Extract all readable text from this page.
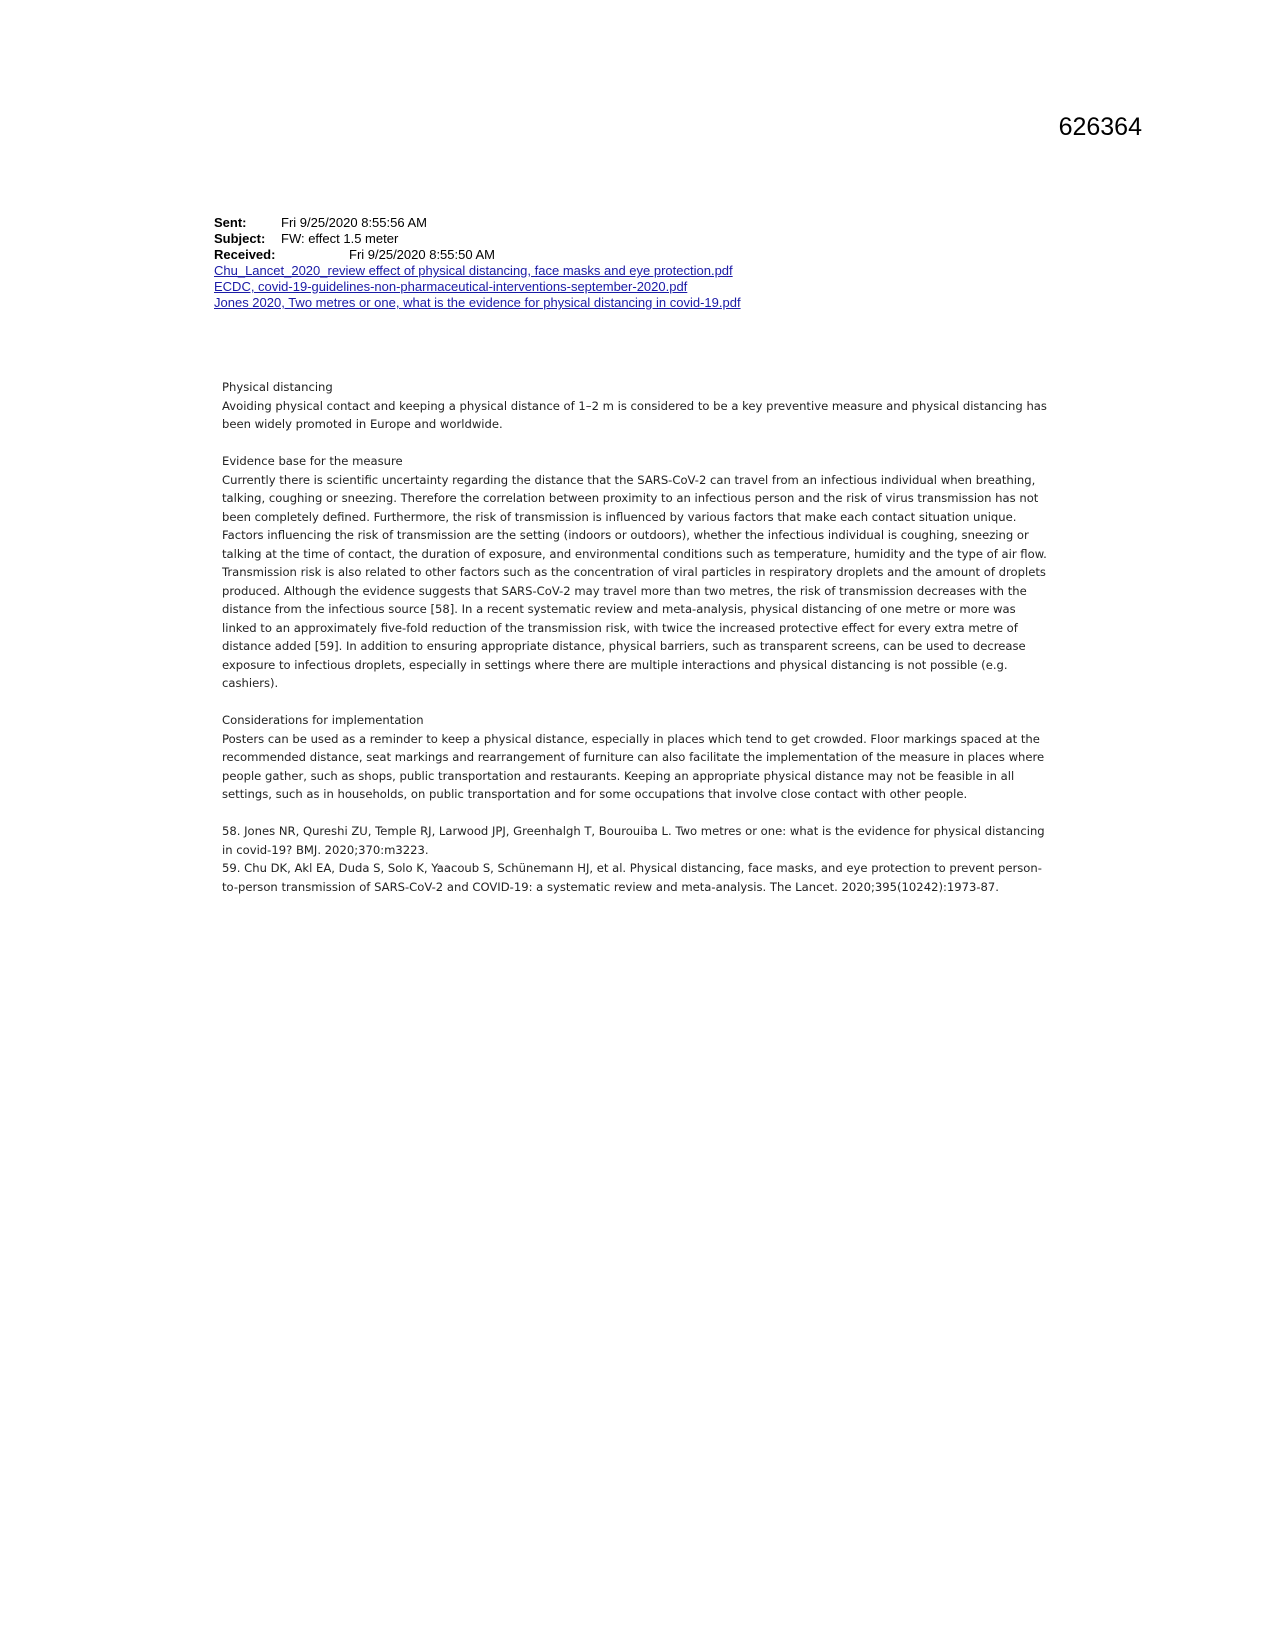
626364
Sent:	Fri 9/25/2020 8:55:56 AM
Subject:	FW: effect 1.5 meter
Received:	Fri 9/25/2020 8:55:50 AM
Chu_Lancet_2020_review effect of physical distancing, face masks and eye protection.pdf
ECDC, covid-19-guidelines-non-pharmaceutical-interventions-september-2020.pdf
Jones 2020, Two metres or one, what is the evidence for physical distancing in covid-19.pdf

Physical distancing

Avoiding physical contact and keeping a physical distance of 1–2 m is considered to be a key preventive measure and physical distancing has been widely promoted in Europe and worldwide.

Evidence base for the measure

Currently there is scientific uncertainty regarding the distance that the SARS-CoV-2 can travel from an infectious individual when breathing, talking, coughing or sneezing. Therefore the correlation between proximity to an infectious person and the risk of virus transmission has not been completely defined. Furthermore, the risk of transmission is influenced by various factors that make each contact situation unique. Factors influencing the risk of transmission are the setting (indoors or outdoors), whether the infectious individual is coughing, sneezing or talking at the time of contact, the duration of exposure, and environmental conditions such as temperature, humidity and the type of air flow. Transmission risk is also related to other factors such as the concentration of viral particles in respiratory droplets and the amount of droplets produced. Although the evidence suggests that SARS-CoV-2 may travel more than two metres, the risk of transmission decreases with the distance from the infectious source [58]. In a recent systematic review and meta-analysis, physical distancing of one metre or more was linked to an approximately five-fold reduction of the transmission risk, with twice the increased protective effect for every extra metre of distance added [59]. In addition to ensuring appropriate distance, physical barriers, such as transparent screens, can be used to decrease exposure to infectious droplets, especially in settings where there are multiple interactions and physical distancing is not possible (e.g. cashiers).

Considerations for implementation

Posters can be used as a reminder to keep a physical distance, especially in places which tend to get crowded. Floor markings spaced at the recommended distance, seat markings and rearrangement of furniture can also facilitate the implementation of the measure in places where people gather, such as shops, public transportation and restaurants. Keeping an appropriate physical distance may not be feasible in all settings, such as in households, on public transportation and for some occupations that involve close contact with other people.

58. Jones NR, Qureshi ZU, Temple RJ, Larwood JPJ, Greenhalgh T, Bourouiba L. Two metres or one: what is the evidence for physical distancing in covid-19? BMJ. 2020;370:m3223.

59. Chu DK, Akl EA, Duda S, Solo K, Yaacoub S, Schünemann HJ, et al. Physical distancing, face masks, and eye protection to prevent person-to-person transmission of SARS-CoV-2 and COVID-19: a systematic review and meta-analysis. The Lancet. 2020;395(10242):1973-87.
